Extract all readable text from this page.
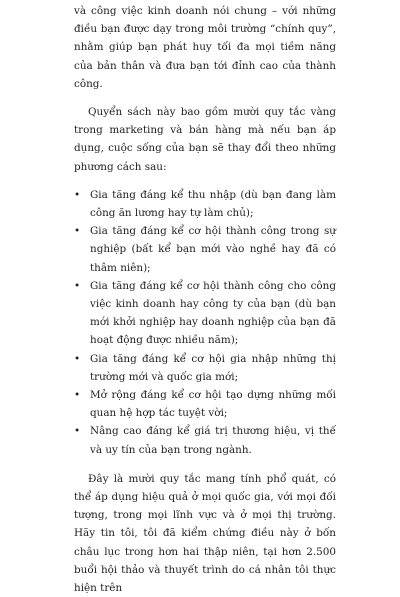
và công việc kinh doanh nói chung – với những điều bạn được dạy trong môi trường “chính quy”, nhằm giúp bạn phát huy tối đa mọi tiềm năng của bản thân và đưa bạn tới đỉnh cao của thành công.

Quyển sách này bao gồm mười quy tắc vàng trong marketing và bán hàng mà nếu bạn áp dụng, cuộc sống của bạn sẽ thay đổi theo những phương cách sau:

• Gia tăng đáng kể thu nhập (dù bạn đang làm công ăn lương hay tự làm chủ);
• Gia tăng đáng kể cơ hội thành công trong sự nghiệp (bất kể bạn mới vào nghề hay đã có thâm niên);
• Gia tăng đáng kể cơ hội thành công cho công việc kinh doanh hay công ty của bạn (dù bạn mới khởi nghiệp hay doanh nghiệp của bạn đã hoạt động được nhiều năm);
• Gia tăng đáng kể cơ hội gia nhập những thị trường mới và quốc gia mới;
• Mở rộng đáng kể cơ hội tạo dựng những mối quan hệ hợp tác tuyệt vời;
• Nâng cao đáng kể giá trị thương hiệu, vị thế và uy tín của bạn trong ngành.

Đây là mười quy tắc mang tính phổ quát, có thể áp dụng hiệu quả ở mọi quốc gia, với mọi đối tượng, trong mọi lĩnh vực và ở mọi thị trường. Hãy tin tôi, tôi đã kiểm chứng điều này ở bốn châu lục trong hơn hai thập niên, tại hơn 2.500 buổi hội thảo và thuyết trình do cá nhân tôi thực hiện trên
